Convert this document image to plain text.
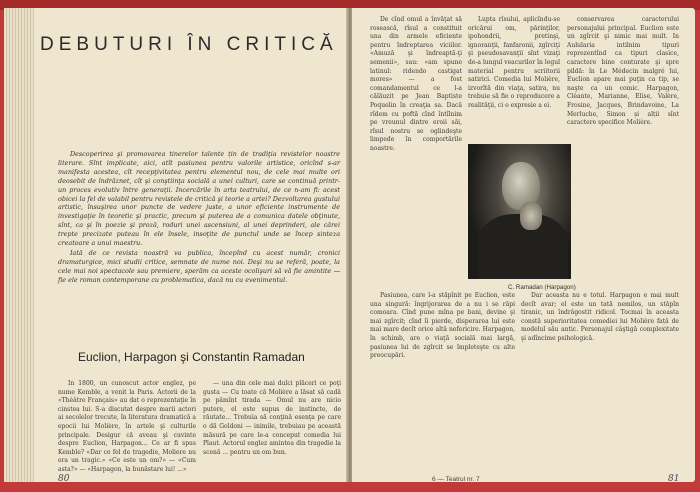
DEBUTURI ÎN CRITICĂ

Descoperirea şi promovarea tinerelor talente țin de tradiţia revistelor noastre literare. Sînt implicate, aici, atît pasiunea pentru valorile artistice, oricînd s-ar manifesta acestea, cît recepţivitatea pentru elementul nou, de cele mai multe ori deosebit de îndrăznet, cît şi conştiinţa socială a unei culturi, care se continuă printr-un proces evolutiv între generaţii. Incercările în arta teatrului, de ce n-am fi: acest obicei la fel de valabil pentru revistele de critică şi teorie a artei? Dezvoltarea gustului artistic, însuşirea unor puncte de vedere juste, a unor eficiente instrumente de investigaţie în teoretic şi practic, precum şi puterea de a comunica datele obţinute, sînt, ca şi în poezie şi proză, roduri unei ascensiuni, al unei deprinderi, ale cărei trepte precizate puteau în ele însele, insoţite de punctul unde se încep sinteza creatoare a unui maestru.

Iată de ce revista noastră va publica, începînd cu acest număr, cronici dramaturgice, mici studii critice, semnate de nume noi. Deşi nu se referă, poate, la cele mai noi spectacole sau premiere, sperăm ca aceste ocolişuri să vă fie amintite — fie ele roman contemporane cu problematica, dacă nu cu evenimentul.

Euclion, Harpagon şi Constantin Ramadan

In 1800, un cunoscut actor englez, pe nume Kemble, a venit la Paris. Actorii de la «Théâtre Français» au dat o reprezentaţie în cinstea lui. S-a discutat despre marii actori ai secolelor trecute, în literatura dramatică a epocii lui Molière, în artele şi culturile principale. Desigur că aveau şi cuvinte despre Euclion, Harpagon... Ce ar fi spus Kemble? «Dar ce fel de tragedie, Moliere nu era un tragic.» «Ce este un om?» — «Cum asta?» — «Harpagon, la bunăstare lui! ...»

— una din cele mai dulci plăceri ce poţi gusta — Cu toate că Molière a lăsat să cadă pe pămînt tirada — Omul nu are nicio putere, el este supus de instincte, de răutate... Trebuia să conţină esenţa pe care o dă Goldoni — inimile, trebuiau pe această măsură pe care le-a conceput comedia lui Plaut. Actorul englez amintea din tragedie la scenă ... pentru un om bun.

De cînd omul a învăţat să rosească, rîsul a constituit una din armele eficiente pentru îndreptarea viciilor. «Amuză şi îndreaptă-ţi semenii», sau: «am spune latinul: ridendo castigat mores» — a fost comandamentul ce l-a călăuzit pe Jean Baptiste Poquelin în creaţia sa. Dacă rîdem cu poftă cînd întîlnim pe vreunul dintre eroii săi, rîsul nostru se oglindeşte limpede în comportările noastre.

Lupta rîsului, aplicîndu-se oricărui om, părinţilor, ipohondrii, pretinşi, ignoranţii, fanfaronii, zgîrciţi şi pseudosavanţii sînt vizaţi de-a lungul veacurilor în legul material pentru scriitorii satirici. Comedia lui Molière, izvorîtă din viaţa, satira, nu trebuie să fie o reproducere a realităţii, ci o expresie a ei.

conservarea caracterului personajului principal. Euclion este un zgîrcit şi nimic mai mult. In Aulularia intilnim tipuri reprezentînd ca tipuri clasice, caractere bine conturate şi spre pildă: în Le Médecin malgré lui, Euclion apare mai puţin ca tip, se naşte ca un comic. Harpagon, Cléante, Marianne, Elise, Valère, Frosine, Jacques, Brindavoine, La Merluche, Simon și alții sînt caractere specifice Molière.

C. Ramadan (Harpagon)

Pasiunea, care l-a stăpînit pe Euclion, este una singură: îngrijorarea de a nu i se răpi comoara. Cînd pune mîna pe bani, devine şi mai zgîrcit; cînd îi pierde, disperarea lui este mai mare decît orice altă nefericire. Harpagon, în schimb, are o viaţă socială mai largă, pasiunea lui de zgîrcit se împleteşte cu alte preocupări.

Dar aceasta nu e totul. Harpagon e mai mult decît avar; el este un tată nemilos, un stăpîn tiranic, un îndrăgostit ridicol. Tocmai în aceasta constă superioritatea comediei lui Molière față de modelul său antic. Personajul câştigă complexitate şi adîncime psihologică.

80	6 — Teatrul nr. 7	81
